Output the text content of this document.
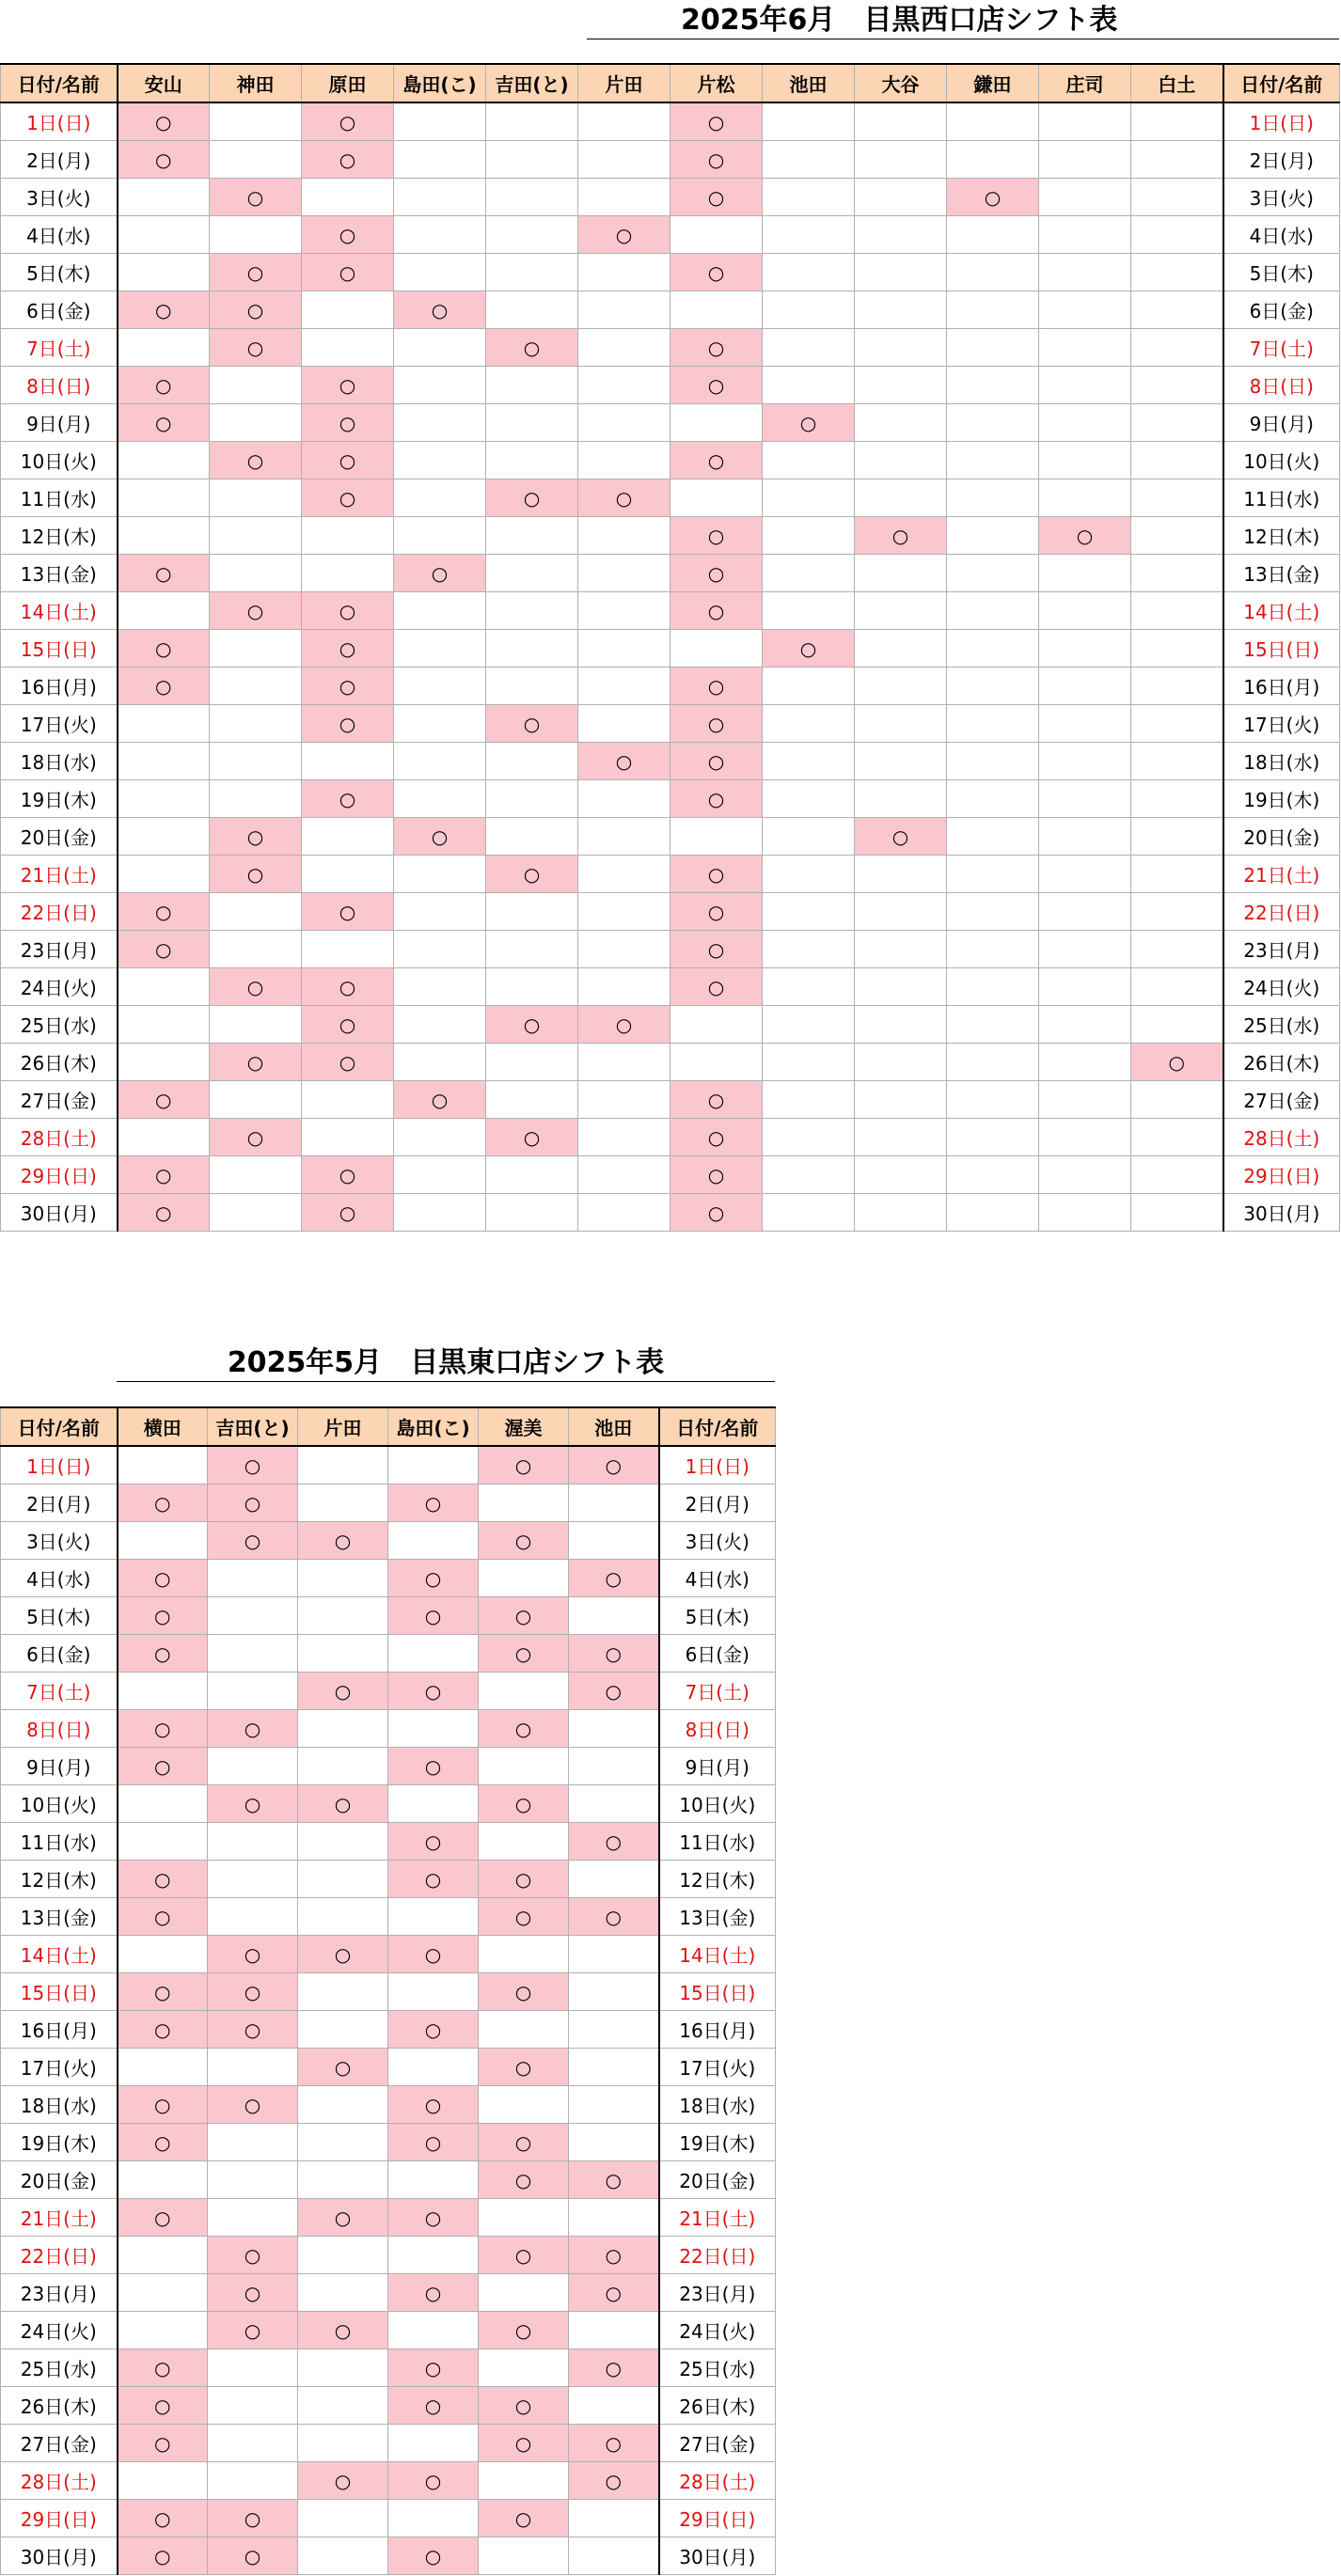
2025年6月　目黒西口店シフト表
日付/名前	安山	神田	原田	島田(こ)	吉田(と)	片田	片松	池田	大谷	鎌田	庄司	白土	日付/名前
1日(日)	○		○				○						1日(日)
2日(月)	○		○				○						2日(月)
3日(火)		○					○			○			3日(火)
4日(水)			○			○							4日(水)
5日(木)		○	○				○						5日(木)
6日(金)	○	○		○									6日(金)
7日(土)		○			○		○						7日(土)
8日(日)	○		○				○						8日(日)
9日(月)	○		○					○					9日(月)
10日(火)		○	○				○						10日(火)
11日(水)			○		○	○							11日(水)
12日(木)							○		○		○		12日(木)
13日(金)	○			○			○						13日(金)
14日(土)		○	○				○						14日(土)
15日(日)	○		○					○					15日(日)
16日(月)	○		○				○						16日(月)
17日(火)			○		○		○						17日(火)
18日(水)						○	○						18日(水)
19日(木)			○				○						19日(木)
20日(金)		○		○					○				20日(金)
21日(土)		○			○		○						21日(土)
22日(日)	○		○				○						22日(日)
23日(月)	○						○						23日(月)
24日(火)		○	○				○						24日(火)
25日(水)			○		○	○							25日(水)
26日(木)		○	○									○	26日(木)
27日(金)	○			○			○						27日(金)
28日(土)		○			○		○						28日(土)
29日(日)	○		○				○						29日(日)
30日(月)	○		○				○						30日(月)
2025年5月　目黒東口店シフト表
日付/名前	横田	吉田(と)	片田	島田(こ)	渥美	池田	日付/名前
1日(日)		○			○	○	1日(日)
2日(月)	○	○		○			2日(月)
3日(火)		○	○		○		3日(火)
4日(水)	○			○		○	4日(水)
5日(木)	○			○	○		5日(木)
6日(金)	○				○	○	6日(金)
7日(土)			○	○		○	7日(土)
8日(日)	○	○			○		8日(日)
9日(月)	○			○			9日(月)
10日(火)		○	○		○		10日(火)
11日(水)				○		○	11日(水)
12日(木)	○			○	○		12日(木)
13日(金)	○				○	○	13日(金)
14日(土)		○	○	○			14日(土)
15日(日)	○	○			○		15日(日)
16日(月)	○	○		○			16日(月)
17日(火)			○		○		17日(火)
18日(水)	○	○		○			18日(水)
19日(木)	○			○	○		19日(木)
20日(金)					○	○	20日(金)
21日(土)	○		○	○			21日(土)
22日(日)		○			○	○	22日(日)
23日(月)		○		○		○	23日(月)
24日(火)		○	○		○		24日(火)
25日(水)	○			○		○	25日(水)
26日(木)	○			○	○		26日(木)
27日(金)	○				○	○	27日(金)
28日(土)			○	○		○	28日(土)
29日(日)	○	○			○		29日(日)
30日(月)	○	○		○			30日(月)
